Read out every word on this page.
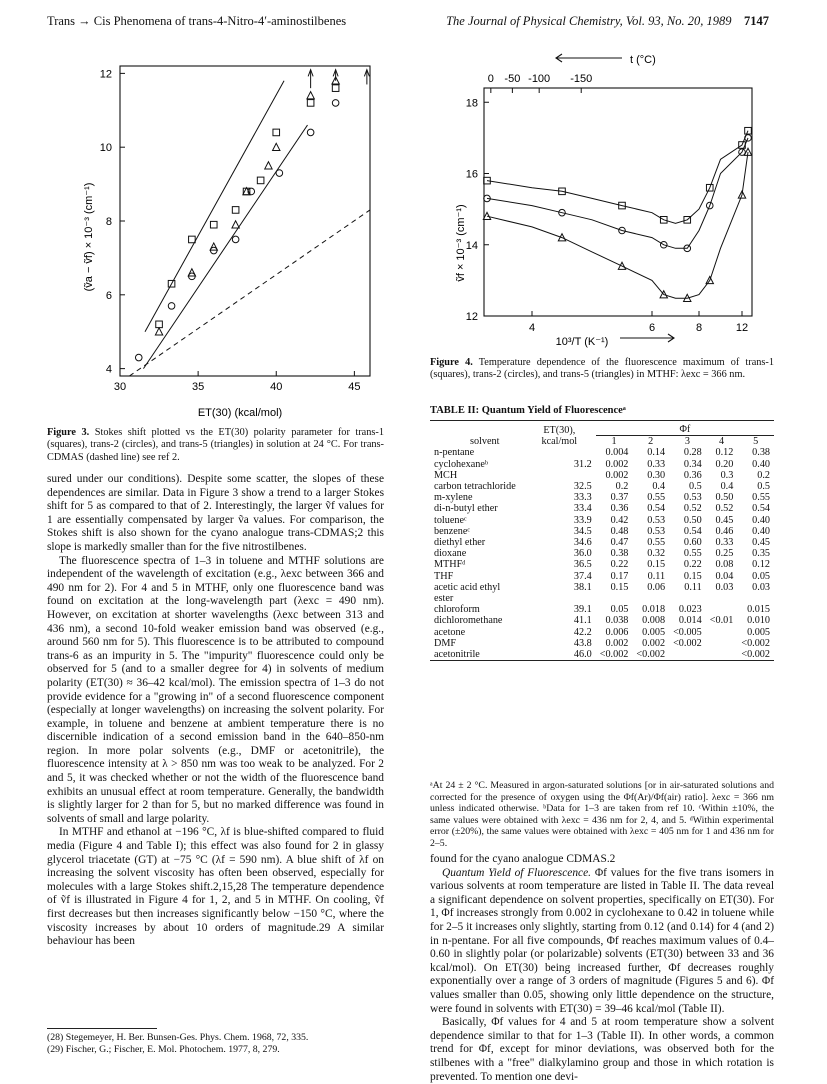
Trans → Cis Phenomena of trans-4-Nitro-4′-aminostilbenes	The Journal of Physical Chemistry, Vol. 93, No. 20, 1989 7147
30	35	40	45
4
6
8
10
12
(ṽa − ṽf) × 10⁻³ (cm⁻¹)
ET(30) (kcal/mol)
Figure 3. Stokes shift plotted vs the ET(30) polarity parameter for trans-1 (squares), trans-2 (circles), and trans-5 (triangles) in solution at 24 °C. For trans-CDMAS (dashed line) see ref 2.

sured under our conditions). Despite some scatter, the slopes of these dependences are similar. Data in Figure 3 show a trend to a larger Stokes shift for 5 as compared to that of 2. Interestingly, the larger ṽf values for 1 are essentially compensated by larger ṽa values. For comparison, the Stokes shift is also shown for the cyano analogue trans-CDMAS;2 this slope is markedly smaller than for the five nitrostilbenes.

The fluorescence spectra of 1–3 in toluene and MTHF solutions are independent of the wavelength of excitation (e.g., λexc between 366 and 490 nm for 2). For 4 and 5 in MTHF, only one fluorescence band was found on excitation at the long-wavelength part (λexc = 490 nm). However, on excitation at shorter wavelengths (λexc between 313 and 436 nm), a second 10-fold weaker emission band was observed (e.g., around 560 nm for 5). This fluorescence is to be attributed to compound trans-6 as an impurity in 5. The "impurity" fluorescence could only be observed for 5 (and to a smaller degree for 4) in solvents of medium polarity (ET(30) ≈ 36–42 kcal/mol). The emission spectra of 1–3 do not provide evidence for a "growing in" of a second fluorescence component (especially at longer wavelengths) on increasing the solvent polarity. For example, in toluene and benzene at ambient temperature there is no discernible indication of a second emission band in the 640–850-nm region. In more polar solvents (e.g., DMF or acetonitrile), the fluorescence intensity at λ > 850 nm was too weak to be analyzed. For 2 and 5, it was checked whether or not the width of the fluorescence band exhibits an unusual effect at room temperature. Generally, the bandwidth is slightly larger for 2 than for 5, but no marked difference was found in solvents of small and large polarity.

In MTHF and ethanol at −196 °C, λf is blue-shifted compared to fluid media (Figure 4 and Table I); this effect was also found for 2 in glassy glycerol triacetate (GT) at −75 °C (λf = 590 nm). A blue shift of λf on increasing the solvent viscosity has often been observed, especially for molecules with a large Stokes shift.2,15,28 The temperature dependence of ṽf is illustrated in Figure 4 for 1, 2, and 5 in MTHF. On cooling, ṽf first decreases but then increases significantly below −150 °C, where the viscosity increases by about 10 orders of magnitude.29 A similar behaviour has been

(28) Stegemeyer, H. Ber. Bunsen-Ges. Phys. Chem. 1968, 72, 335.
(29) Fischer, G.; Fischer, E. Mol. Photochem. 1977, 8, 279.
0 -50 -100 -150
12
14
16
18
4	6	8	12
t (°C)
ṽf × 10⁻³ (cm⁻¹)
10³/T (K⁻¹)
Figure 4. Temperature dependence of the fluorescence maximum of trans-1 (squares), trans-2 (circles), and trans-5 (triangles) in MTHF: λexc = 366 nm.
TABLE II: Quantum Yield of Fluorescenceᵃ
solvent	ET(30), kcal/mol	Φf				
		1	2	3	4	5
n-pentane		0.004	0.14	0.28	0.12	0.38
cyclohexaneᵇ	31.2	0.002	0.33	0.34	0.20	0.40
MCH		0.002	0.30	0.36	0.3	0.2
carbon tetrachloride	32.5	0.2	0.4	0.5	0.4	0.5
m-xylene	33.3	0.37	0.55	0.53	0.50	0.55
di-n-butyl ether	33.4	0.36	0.54	0.52	0.52	0.54
tolueneᶜ	33.9	0.42	0.53	0.50	0.45	0.40
benzeneᶜ	34.5	0.48	0.53	0.54	0.46	0.40
diethyl ether	34.6	0.47	0.55	0.60	0.33	0.45
dioxane	36.0	0.38	0.32	0.55	0.25	0.35
MTHFᵈ	36.5	0.22	0.15	0.22	0.08	0.12
THF	37.4	0.17	0.11	0.15	0.04	0.05
acetic acid ethyl ester	38.1	0.15	0.06	0.11	0.03	0.03
chloroform	39.1	0.05	0.018	0.023		0.015
dichloromethane	41.1	0.038	0.008	0.014	<0.01	0.010
acetone	42.2	0.006	0.005	<0.005		0.005
DMF	43.8	0.002	0.002	<0.002		<0.002
acetonitrile	46.0	<0.002	<0.002			<0.002
ᵃAt 24 ± 2 °C. Measured in argon-saturated solutions [or in air-saturated solutions and corrected for the presence of oxygen using the Φf(Ar)/Φf(air) ratio]. λexc = 366 nm unless indicated otherwise. ᵇData for 1–3 are taken from ref 10. ᶜWithin ±10%, the same values were obtained with λexc = 436 nm for 2, 4, and 5. ᵈWithin experimental error (±20%), the same values were obtained with λexc = 405 nm for 1 and 436 nm for 2–5.

found for the cyano analogue CDMAS.2

Quantum Yield of Fluorescence. Φf values for the five trans isomers in various solvents at room temperature are listed in Table II. The data reveal a significant dependence on solvent properties, specifically on ET(30). For 1, Φf increases strongly from 0.002 in cyclohexane to 0.42 in toluene while for 2–5 it increases only slightly, starting from 0.12 (and 0.14) for 4 (and 2) in n-pentane. For all five compounds, Φf reaches maximum values of 0.4–0.60 in slightly polar (or polarizable) solvents (ET(30) between 33 and 36 kcal/mol). On ET(30) being increased further, Φf decreases roughly exponentially over a range of 3 orders of magnitude (Figures 5 and 6). Φf values smaller than 0.05, showing only little dependence on the structure, were found in solvents with ET(30) = 39–46 kcal/mol (Table II).

Basically, Φf values for 4 and 5 at room temperature show a solvent dependence similar to that for 1–3 (Table II). In other words, a common trend for Φf, except for minor deviations, was observed both for the stilbenes with a "free" dialkylamino group and those in which rotation is prevented. To mention one devi-
